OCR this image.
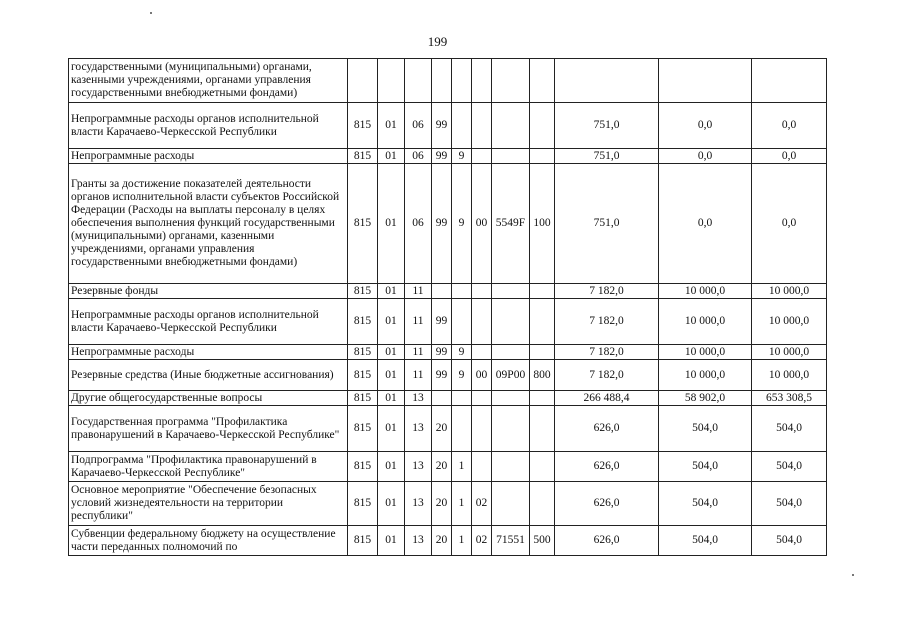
199
государственными (муниципальными) органами, казенными учреждениями, органами управления государственными внебюджетными фондами)											
Непрограммные расходы органов исполнительной власти Карачаево-Черкесской Республики	815	01	06	99					751,0	0,0	0,0
Непрограммные расходы	815	01	06	99	9				751,0	0,0	0,0
Гранты за достижение показателей деятельности органов исполнительной власти субъектов Российской Федерации (Расходы на выплаты персоналу в целях обеспечения выполнения функций государственными (муниципальными) органами, казенными учреждениями, органами управления государственными внебюджетными фондами)	815	01	06	99	9	00	5549F	100	751,0	0,0	0,0
Резервные фонды	815	01	11						7 182,0	10 000,0	10 000,0
Непрограммные расходы органов исполнительной власти Карачаево-Черкесской Республики	815	01	11	99					7 182,0	10 000,0	10 000,0
Непрограммные расходы	815	01	11	99	9				7 182,0	10 000,0	10 000,0
Резервные средства (Иные бюджетные ассигнования)	815	01	11	99	9	00	09P00	800	7 182,0	10 000,0	10 000,0
Другие общегосударственные вопросы	815	01	13						266 488,4	58 902,0	653 308,5
Государственная программа "Профилактика правонарушений в Карачаево-Черкесской Республике"	815	01	13	20					626,0	504,0	504,0
Подпрограмма "Профилактика правонарушений в Карачаево-Черкесской Республике"	815	01	13	20	1				626,0	504,0	504,0
Основное мероприятие "Обеспечение безопасных условий жизнедеятельности на территории республики"	815	01	13	20	1	02			626,0	504,0	504,0
Субвенции федеральному бюджету на осуществление части переданных полномочий по	815	01	13	20	1	02	71551	500	626,0	504,0	504,0
